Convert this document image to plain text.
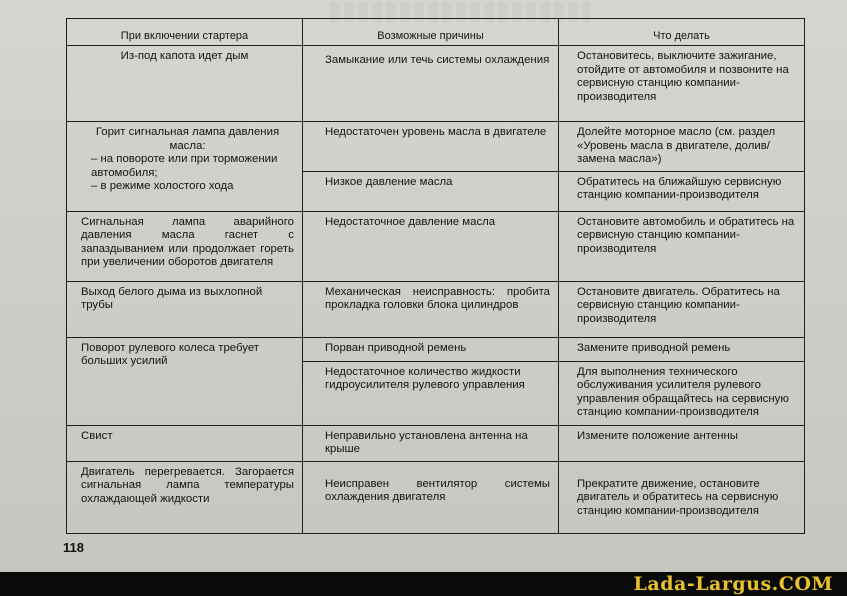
При включении стартера	Возможные причины	Что делать

Из-под капота идет дым	Замыкание или течь системы охлаждения	Остановитесь, выключите зажигание, отойдите от автомобиля и позвоните на сервисную станцию компании-производителя

Горит сигнальная лампа давления масла:
– на повороте или при торможении автомобиля;
– в режиме холостого хода	Недостаточен уровень масла в двигателе	Долейте моторное масло (см. раздел «Уровень масла в двигателе, долив/замена масла»)

	Низкое давление масла	Обратитесь на ближайшую сервисную станцию компании-производителя

Сигнальная лампа аварийного давления масла гаснет с запаздыванием или продолжает гореть при увеличении оборотов двигателя	Недостаточное давление масла	Остановите автомобиль и обратитесь на сервисную станцию компании-производителя

Выход белого дыма из выхлопной трубы	Механическая неисправность: пробита прокладка головки блока цилиндров	Остановите двигатель. Обратитесь на сервисную станцию компании-производителя

Поворот рулевого колеса требует больших усилий	Порван приводной ремень	Замените приводной ремень

	Недостаточное количество жидкости гидроусилителя рулевого управления	Для выполнения технического обслуживания усилителя рулевого управления обращайтесь на сервисную станцию компании-производителя

Свист	Неправильно установлена антенна на крыше	Измените положение антенны

Двигатель перегревается. Загорается сигнальная лампа температуры охлаждающей жидкости	Неисправен вентилятор системы охлаждения двигателя	Прекратите движение, остановите двигатель и обратитесь на сервисную станцию компании-производителя
118
Lada-Largus.COM
